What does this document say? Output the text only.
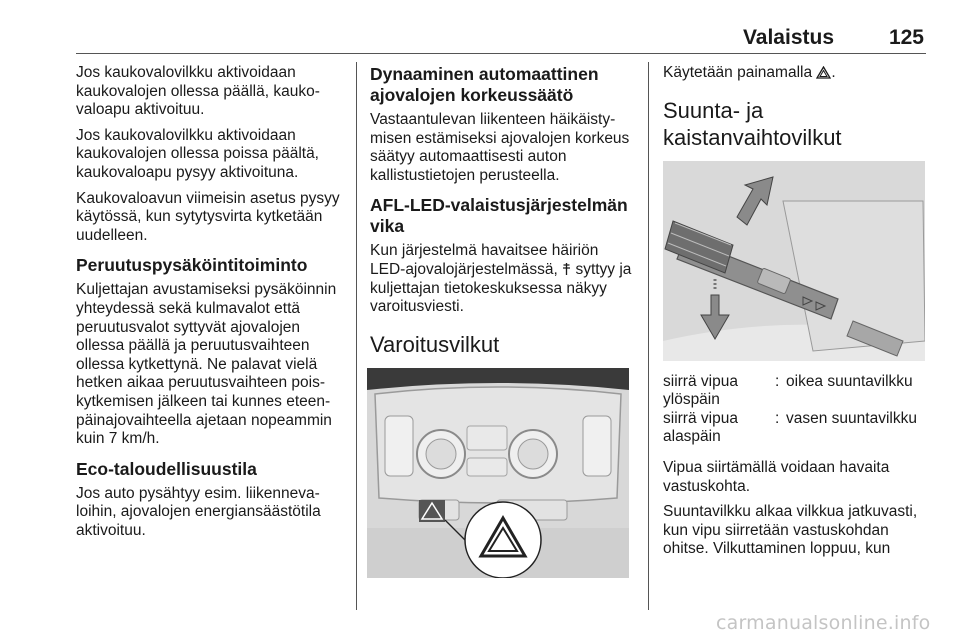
Valaistus	125

Jos kaukovalovilkku aktivoidaan kaukovalojen ollessa päällä, kaukovaloapu aktivoituu.

Jos kaukovalovilkku aktivoidaan kaukovalojen ollessa poissa päältä, kaukovaloapu pysyy aktivoituna.

Kaukovaloavun viimeisin asetus pysyy käytössä, kun sytytysvirta kytketään uudelleen.

Peruutuspysäköintitoiminto

Kuljettajan avustamiseksi pysäköinnin yhteydessä sekä kulmavalot että peruutusvalot syttyvät ajovalojen ollessa päällä ja peruutusvaihteen ollessa kytkettynä. Ne palavat vielä hetken aikaa peruutusvaihteen poiskytkemisen jälkeen tai kunnes eteenpäinajovaihteella ajetaan nopeammin kuin 7 km/h.

Eco-taloudellisuustila

Jos auto pysähtyy esim. liikennevaloihin, ajovalojen energiansäästötila aktivoituu.

Dynaaminen automaattinen ajovalojen korkeussäätö

Vastaantulevan liikenteen häikäistymisen estämiseksi ajovalojen korkeus säätyy automaattisesti auton kallistustietojen perusteella.

AFL-LED-valaistusjärjestelmän vika

Kun järjestelmä havaitsee häiriön LED-ajovalojärjestelmässä, syttyy ja kuljettajan tietokeskuksessa näkyy varoitusviesti.

Varoitusvilkut

Käytetään painamalla .

Suunta- ja kaistanvaihtovilkut
siirrä vipua ylöspäin	:	oikea suuntavilkku
siirrä vipua alaspäin	:	vasen suuntavilkku

Vipua siirtämällä voidaan havaita vastuskohta.

Suuntavilkku alkaa vilkkua jatkuvasti, kun vipu siirretään vastuskohdan ohitse. Vilkuttaminen loppuu, kun

carmanualsonline.info
